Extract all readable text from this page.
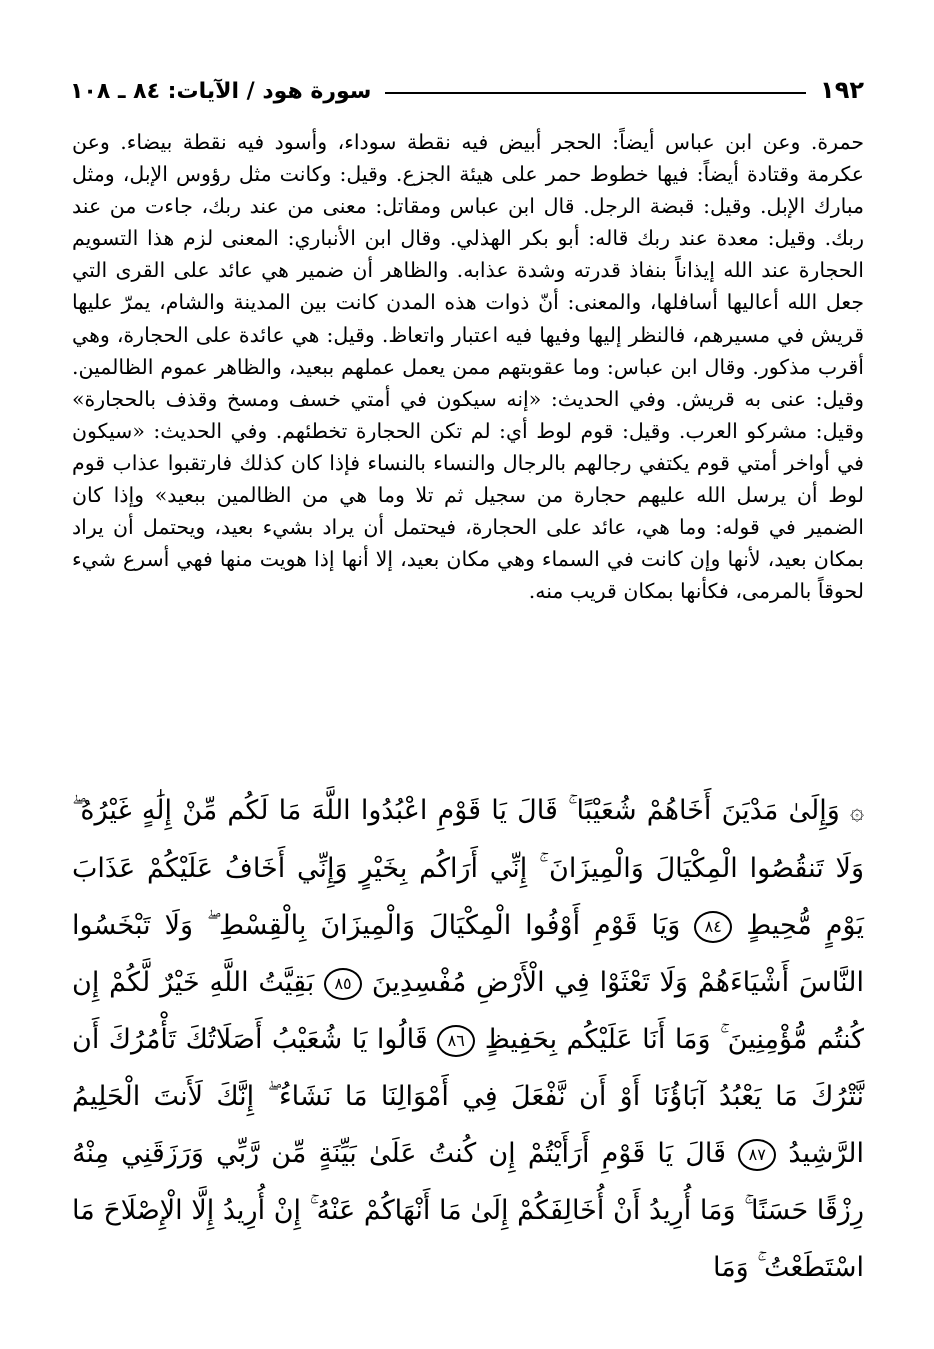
١٩٢
سورة هود / الآيات: ٨٤ ـ ١٠٨

حمرة. وعن ابن عباس أيضاً: الحجر أبيض فيه نقطة سوداء، وأسود فيه نقطة بيضاء. وعن عكرمة وقتادة أيضاً: فيها خطوط حمر على هيئة الجزع. وقيل: وكانت مثل رؤوس الإبل، ومثل مبارك الإبل. وقيل: قبضة الرجل. قال ابن عباس ومقاتل: معنى من عند ربك، جاءت من عند ربك. وقيل: معدة عند ربك قاله: أبو بكر الهذلي. وقال ابن الأنباري: المعنى لزم هذا التسويم الحجارة عند الله إيذاناً بنفاذ قدرته وشدة عذابه. والظاهر أن ضمير هي عائد على القرى التي جعل الله أعاليها أسافلها، والمعنى: أنّ ذوات هذه المدن كانت بين المدينة والشام، يمرّ عليها قريش في مسيرهم، فالنظر إليها وفيها فيه اعتبار واتعاظ. وقيل: هي عائدة على الحجارة، وهي أقرب مذكور. وقال ابن عباس: وما عقوبتهم ممن يعمل عملهم ببعيد، والظاهر عموم الظالمين. وقيل: عنى به قريش. وفي الحديث: «إنه سيكون في أمتي خسف ومسخ وقذف بالحجارة» وقيل: مشركو العرب. وقيل: قوم لوط أي: لم تكن الحجارة تخطئهم. وفي الحديث: «سيكون في أواخر أمتي قوم يكتفي رجالهم بالرجال والنساء بالنساء فإذا كان كذلك فارتقبوا عذاب قوم لوط أن يرسل الله عليهم حجارة من سجيل ثم تلا وما هي من الظالمين ببعيد» وإذا كان الضمير في قوله: وما هي، عائد على الحجارة، فيحتمل أن يراد بشيء بعيد، ويحتمل أن يراد بمكان بعيد، لأنها وإن كانت في السماء وهي مكان بعيد، إلا أنها إذا هويت منها فهي أسرع شيء لحوقاً بالمرمى، فكأنها بمكان قريب منه.

۞ وَإِلَىٰ مَدْيَنَ أَخَاهُمْ شُعَيْبًا ۚ قَالَ يَا قَوْمِ اعْبُدُوا اللَّهَ مَا لَكُم مِّنْ إِلَٰهٍ غَيْرُهُ ۖ وَلَا تَنقُصُوا الْمِكْيَالَ وَالْمِيزَانَ ۚ إِنِّي أَرَاكُم بِخَيْرٍ وَإِنِّي أَخَافُ عَلَيْكُمْ عَذَابَ يَوْمٍ مُّحِيطٍ ٨٤ وَيَا قَوْمِ أَوْفُوا الْمِكْيَالَ وَالْمِيزَانَ بِالْقِسْطِ ۖ وَلَا تَبْخَسُوا النَّاسَ أَشْيَاءَهُمْ وَلَا تَعْثَوْا فِي الْأَرْضِ مُفْسِدِينَ ٨٥ بَقِيَّتُ اللَّهِ خَيْرٌ لَّكُمْ إِن كُنتُم مُّؤْمِنِينَ ۚ وَمَا أَنَا عَلَيْكُم بِحَفِيظٍ ٨٦ قَالُوا يَا شُعَيْبُ أَصَلَاتُكَ تَأْمُرُكَ أَن نَّتْرُكَ مَا يَعْبُدُ آبَاؤُنَا أَوْ أَن نَّفْعَلَ فِي أَمْوَالِنَا مَا نَشَاءُ ۖ إِنَّكَ لَأَنتَ الْحَلِيمُ الرَّشِيدُ ٨٧ قَالَ يَا قَوْمِ أَرَأَيْتُمْ إِن كُنتُ عَلَىٰ بَيِّنَةٍ مِّن رَّبِّي وَرَزَقَنِي مِنْهُ رِزْقًا حَسَنًا ۚ وَمَا أُرِيدُ أَنْ أُخَالِفَكُمْ إِلَىٰ مَا أَنْهَاكُمْ عَنْهُ ۚ إِنْ أُرِيدُ إِلَّا الْإِصْلَاحَ مَا اسْتَطَعْتُ ۚ وَمَا
